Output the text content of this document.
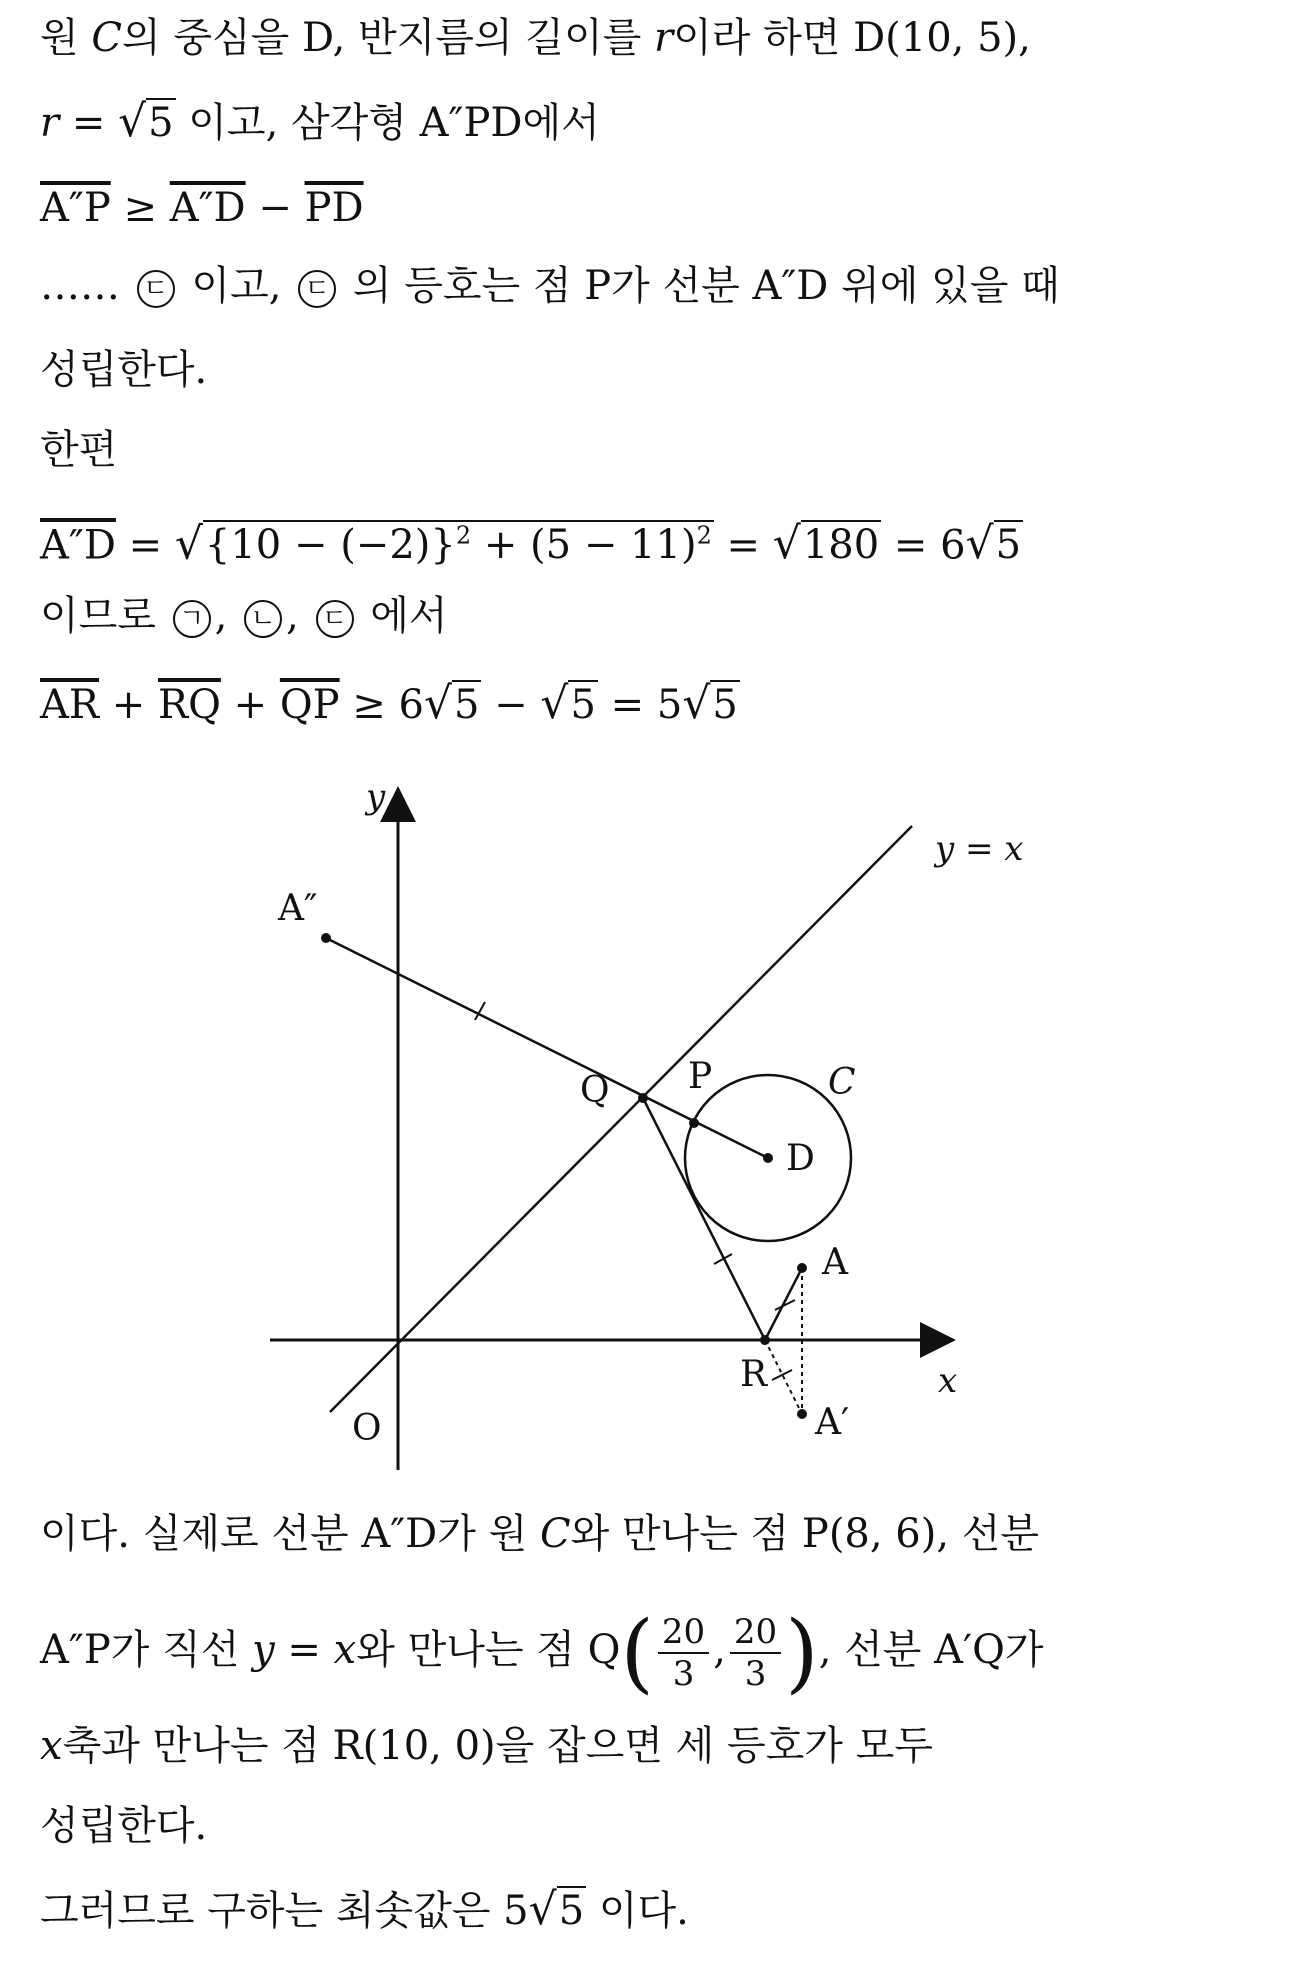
원 C의 중심을 D, 반지름의 길이를 r이라 하면 D(10, 5),
r = √5 이고, 삼각형 A″PD에서
$A''P \ge A''D - \overline{PD}$
…… ㄷ 이고, ㄷ 의 등호는 점 P가 선분 A″D 위에 있을 때
성립한다.
한편
$A''D = √\{10 - (-2)\}^2 + (5 - 11)^2 = √180 = 6√5$
이므로 ㄱ , ㄴ , ㄷ 에서
$\overline{AR} + \overline{RQ} + \overline{QP} \ge 6√5 - √5 = 5√5$
y
x
O
y = x
A″
Q P	C
D
A
R
A′
이다. 실제로 선분 A″D가 원 C와 만나는 점 P(8, 6), 선분
A″P가 직선 y = x와 만나는 점 $Q( \frac{20}{3}$ , $\frac{20}{3}$ ), 선분 A′Q가
x축과 만나는 점 R(10, 0)을 잡으면 세 등호가 모두
성립한다.
그러므로 구하는 최솟값은 5√5 이다.
